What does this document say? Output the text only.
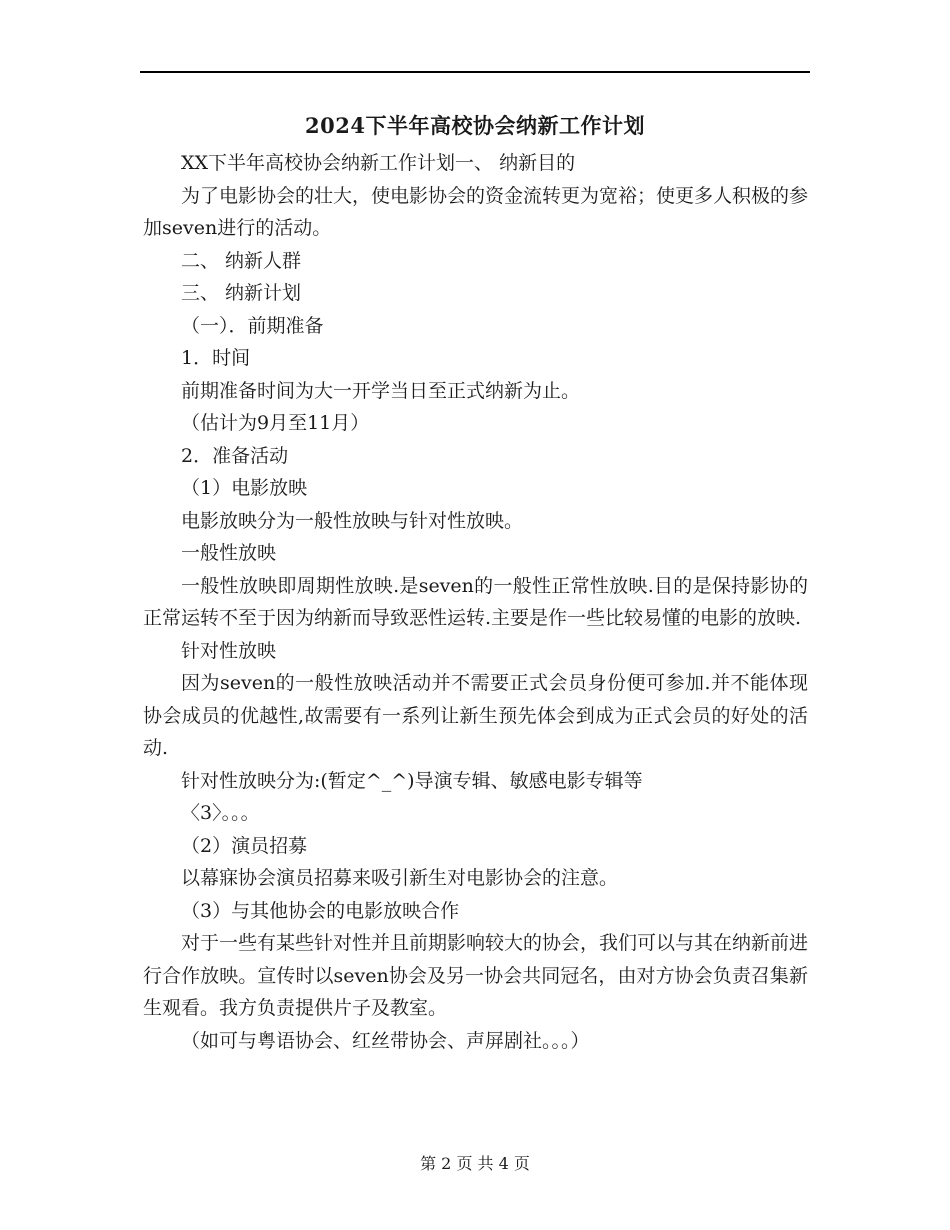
2024下半年高校协会纳新工作计划

XX下半年高校协会纳新工作计划一、 纳新目的

为了电影协会的壮大，使电影协会的资金流转更为宽裕；使更多人积极的参加seven进行的活动。

二、 纳新人群

三、 纳新计划

（一）．前期准备

1．时间

前期准备时间为大一开学当日至正式纳新为止。

（估计为9月至11月）

2．准备活动

（1）电影放映

电影放映分为一般性放映与针对性放映。

一般性放映

一般性放映即周期性放映.是seven的一般性正常性放映.目的是保持影协的正常运转不至于因为纳新而导致恶性运转.主要是作一些比较易懂的电影的放映.

针对性放映

因为seven的一般性放映活动并不需要正式会员身份便可参加.并不能体现协会成员的优越性,故需要有一系列让新生预先体会到成为正式会员的好处的活动.

针对性放映分为:(暂定^_^)导演专辑、敏感电影专辑等

〈3〉。。。

（2）演员招募

以幕寐协会演员招募来吸引新生对电影协会的注意。

（3）与其他协会的电影放映合作

对于一些有某些针对性并且前期影响较大的协会，我们可以与其在纳新前进行合作放映。宣传时以seven协会及另一协会共同冠名，由对方协会负责召集新生观看。我方负责提供片子及教室。

（如可与粤语协会、红丝带协会、声屏剧社。。。）

第 2 页 共 4 页
